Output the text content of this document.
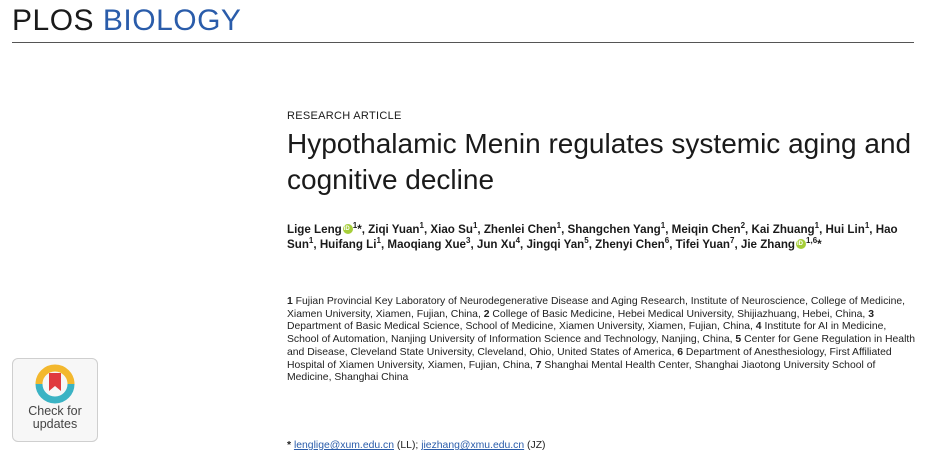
PLOS BIOLOGY
Check for
updates
RESEARCH ARTICLE
Hypothalamic Menin regulates systemic aging and cognitive decline
Lige Leng iD $^1$*, Ziqi Yuan$^1$, Xiao Su$^1$, Zhenlei Chen$^1$, Shangchen Yang$^1$, Meiqin Chen$^2$, Kai Zhuang$^1$, Hui Lin$^1$, Hao Sun$^1$, Huifang Li$^1$, Maoqiang Xue$^3$, Jun Xu$^4$, Jingqi Yan$^5$, Zhenyi Chen$^6$, Tifei Yuan$^7$, Jie Zhang iD $^{1,6}$*
1 Fujian Provincial Key Laboratory of Neurodegenerative Disease and Aging Research, Institute of Neuroscience, College of Medicine, Xiamen University, Xiamen, Fujian, China, 2 College of Basic Medicine, Hebei Medical University, Shijiazhuang, Hebei, China, 3 Department of Basic Medical Science, School of Medicine, Xiamen University, Xiamen, Fujian, China, 4 Institute for AI in Medicine, School of Automation, Nanjing University of Information Science and Technology, Nanjing, China, 5 Center for Gene Regulation in Health and Disease, Cleveland State University, Cleveland, Ohio, United States of America, 6 Department of Anesthesiology, First Affiliated Hospital of Xiamen University, Xiamen, Fujian, China, 7 Shanghai Mental Health Center, Shanghai Jiaotong University School of Medicine, Shanghai China
* lenglige@xum.edu.cn (LL); jiezhang@xmu.edu.cn (JZ)
